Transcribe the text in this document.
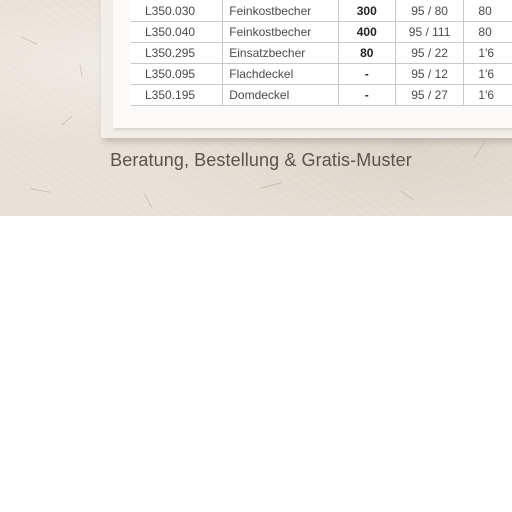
L350.030	Feinkostbecher	300	95 / 80	80
L350.040	Feinkostbecher	400	95 / 111	80
L350.295	Einsatzbecher	80	95 / 22	1'6
L350.095	Flachdeckel	-	95 / 12	1'6
L350.195	Domdeckel	-	95 / 27	1'6
Beratung, Bestellung & Gratis-Muster
